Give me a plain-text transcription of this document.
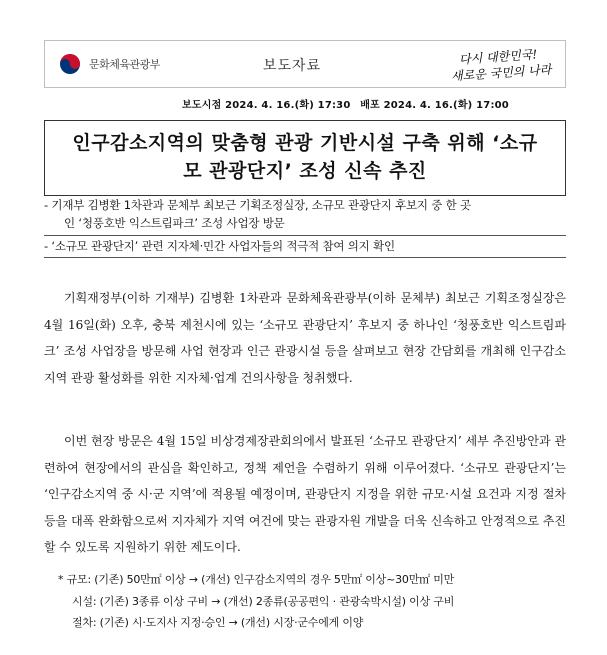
문화체육관광부	보도자료	다시 대한민국!
새로운 국민의 나라
보도시점 2024. 4. 16.(화) 17:30 배포 2024. 4. 16.(화) 17:00
인구감소지역의 맞춤형 관광 기반시설 구축 위해 ‘소규
모 관광단지’ 조성 신속 추진
- 기재부 김병환 1차관과 문체부 최보근 기획조정실장, 소규모 관광단지 후보지 중 한 곳
인 ‘청풍호반 익스트림파크’ 조성 사업장 방문
- ‘소규모 관광단지’ 관련 지자체·민간 사업자들의 적극적 참여 의지 확인
기획재정부(이하 기재부) 김병환 1차관과 문화체육관광부(이하 문체부) 최보근 기획조정실장은 4월 16일(화) 오후, 충북 제천시에 있는 ‘소규모 관광단지’ 후보지 중 하나인 ‘청풍호반 익스트림파크’ 조성 사업장을 방문해 사업 현장과 인근 관광시설 등을 살펴보고 현장 간담회를 개최해 인구감소지역 관광 활성화를 위한 지자체·업계 건의사항을 청취했다.
이번 현장 방문은 4월 15일 비상경제장관회의에서 발표된 ‘소규모 관광단지’ 세부 추진방안과 관련하여 현장에서의 관심을 확인하고, 정책 제언을 수렴하기 위해 이루어졌다. ‘소규모 관광단지’는 ‘인구감소지역 중 시·군 지역’에 적용될 예정이며, 관광단지 지정을 위한 규모·시설 요건과 지정 절차 등을 대폭 완화함으로써 지자체가 지역 여건에 맞는 관광자원 개발을 더욱 신속하고 안정적으로 추진할 수 있도록 지원하기 위한 제도이다.
* 규모: (기존) 50만㎡ 이상 → (개선) 인구감소지역의 경우 5만㎡ 이상~30만㎡ 미만
시설: (기존) 3종류 이상 구비 → (개선) 2종류(공공편익 · 관광숙박시설) 이상 구비
절차: (기존) 시·도지사 지정·승인 → (개선) 시장·군수에게 이양
